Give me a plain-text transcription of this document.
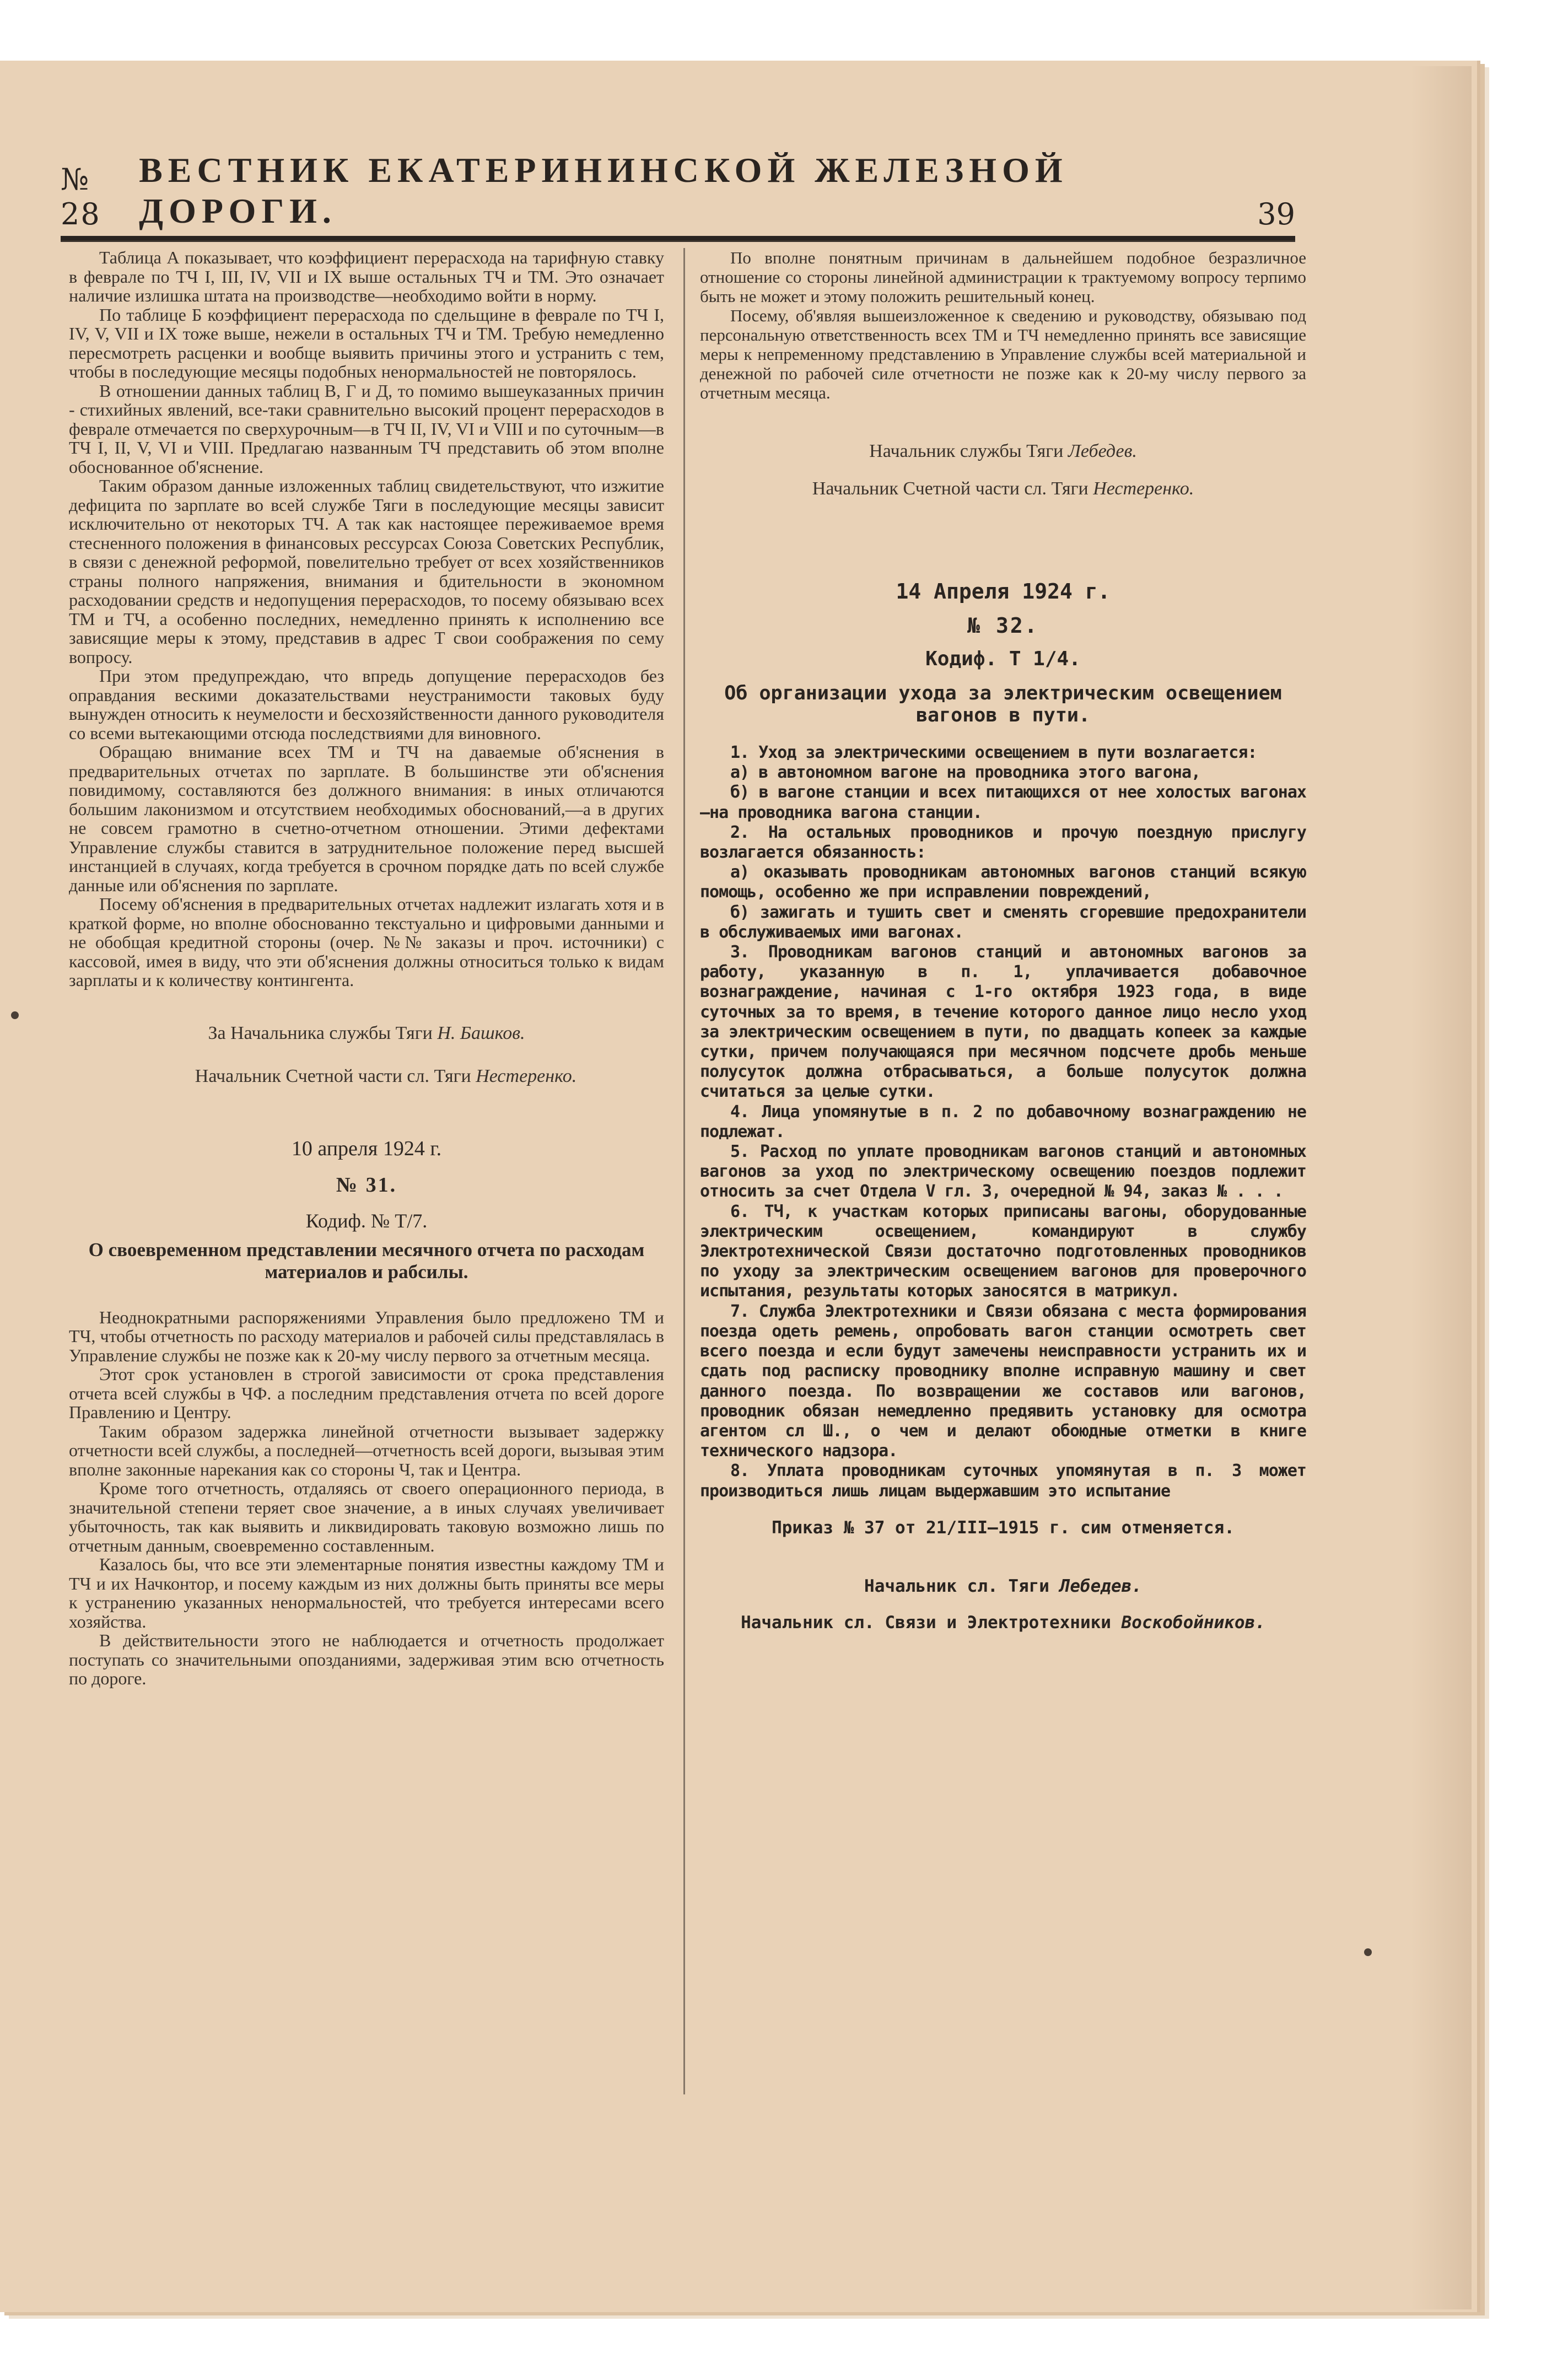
№ 28
ВЕСТНИК ЕКАТЕРИНИНСКОЙ ЖЕЛЕЗНОЙ ДОРОГИ.	39

Таблица А показывает, что коэффициент перерасхода на тарифную ставку в феврале по ТЧ I, III, IV, VII и IX выше остальных ТЧ и ТМ. Это означает наличие излишка штата на производстве—необходимо войти в норму.

По таблице Б коэффициент перерасхода по сдельщине в феврале по ТЧ I, IV, V, VII и IX тоже выше, нежели в остальных ТЧ и ТМ. Требую немедленно пересмотреть расценки и вообще выявить причины этого и устранить с тем, чтобы в последующие месяцы подобных ненормальностей не повторялось.

В отношении данных таблиц В, Г и Д, то помимо вышеуказанных причин - стихийных явлений, все-таки сравнительно высокий процент перерасходов в феврале отмечается по сверхурочным—в ТЧ II, IV, VI и VIII и по суточным—в ТЧ I, II, V, VI и VIII. Предлагаю назвaнным ТЧ представить об этом вполне обоснованное об'яснение.

Таким образом данные изложенных таблиц свидетельствуют, что изжитие дефицита по зарплате во всей службе Тяги в последующие месяцы зависит исключительно от некоторых ТЧ. А так как настоящее переживаемое время стесненного положения в финансовых рессурсах Союза Советских Республик, в связи с денежной реформой, повелительно требует от всех хозяйственников страны полного напряжения, внимания и бдительности в экономном расходовании средств и недопущения перерасходов, то посему обязываю всех ТМ и ТЧ, а особенно последних, немедленно принять к исполнению все зависящие меры к этому, представив в адрес Т свои соображения по сему вопросу.

При этом предупреждаю, что впредь допущение перерасходов без оправдания вескими доказательствами неустранимости таковых буду вынужден относить к неумелости и бесхозяйственности данного руководителя со всеми вытекающими отсюда последствиями для виновного.

Обращаю внимание всех ТМ и ТЧ на даваемые об'яснения в предварительных отчетах по зарплате. В большинстве эти об'яснения повидимому, составляются без должного внимания: в иных отличаются большим лаконизмом и отсутствием необходимых обоснований,—а в других не совсем грамотно в счетно-отчетном отношении. Этими дефектами Управление службы ставится в затруднительное положение перед высшей инстанцией в случаях, когда требуется в срочном порядке дать по всей службе данные или об'яснения по зарплате.

Посему об'яснения в предварительных отчетах надлежит излагать хотя и в краткой форме, но вполне обоснованно текстуально и цифровыми данными и не обобщая кредитной стороны (очер. №№ заказы и проч. источники) с кассовой, имея в виду, что эти об'яснения должны относиться только к видам зарплаты и к количеству контингента.

За Начальника службы Тяги Н. Башков.

Начальник Счетной части сл. Тяги Нестеренко.

10 апреля 1924 г.

№ 31.

Кодиф. № Т/7.

О своевременном представлении месячного отчета по расходам материалов и рабсилы.

Неоднократными распоряжениями Управления было предложено ТМ и ТЧ, чтобы отчетность по расходу материалов и рабочей силы представлялась в Управление службы не позже как к 20-му числу первого за отчетным месяца.

Этот срок установлен в строгой зависимости от срока представления отчета всей службы в ЧФ. а последним представления отчета по всей дороге Правлению и Центру.

Таким образом задержка линейной отчетности вызывает задержку отчетности всей службы, а последней—отчетность всей дороги, вызывая этим вполне законные нарекания как со стороны Ч, так и Центра.

Кроме того отчетность, отдаляясь от своего операционного периода, в значительной степени теряет свое значение, а в иных случаях увеличивает убыточность, так как выявить и ликвидировать таковую возможно лишь по отчетным данным, своевременно составленным.

Казалось бы, что все эти элементарные понятия известны каждому ТМ и ТЧ и их Начконтор, и посему каждым из них должны быть приняты все меры к устранению указанных ненормальностей, что требуется интересами всего хозяйства.

В действительности этого не наблюдается и отчетность продолжает поступать со значительными опозданиями, задерживая этим всю отчетность по дороге.

По вполне понятным причинам в дальнейшем подобное безразличное отношение со стороны линейной администрации к трактуемому вопросу терпимо быть не может и этому положить решительный конец.

Посему, об'являя вышеизложенное к сведению и руководству, обязываю под персональную ответственность всех ТМ и ТЧ немедленно принять все зависящие меры к непременному представлению в Управление службы всей материальной и денежной по рабочей силе отчетности не позже как к 20-му числу первого за отчетным месяца.

Начальник службы Тяги Лебедев.

Начальник Счетной части сл. Тяги Нестеренко.

14 Апреля 1924 г.

№ 32.

Кодиф. Т 1/4.

Об организации ухода за электрическим освещением вагонов в пути.

1. Уход за электрическими освещением в пути возлагается:

а) в автономном вагоне на проводника этого вагона,

б) в вагоне станции и всех питающихся от нее холостых вагонах—на проводника вагона станции.

2. На остальных проводников и прочую поездную прислугу возлагается обязанность:

а) оказывать проводникам автономных вагонов станций всякую помощь, особенно же при исправлении повреждений,

б) зажигать и тушить свет и сменять сгоревшие предохранители в обслуживаемых ими вагонах.

3. Проводникам вагонов станций и автономных вагонов за работу, указанную в п. 1, уплачивается добавочное вознаграждение, начиная с 1-го октября 1923 года, в виде суточных за то время, в течение которого данное лицо несло уход за электрическим освещением в пути, по двадцать копеек за каждые сутки, причем получающаяся при месячном подсчете дробь меньше полусуток должна отбрасываться, а больше полусуток должна считаться за целые сутки.

4. Лица упомянутые в п. 2 по добавочному вознаграждению не подлежат.

5. Расход по уплате проводникам вагонов станций и автономных вагонов за уход по электрическому освещению поездов подлежит относить за счет Отдела V гл. 3, очередной № 94, заказ № . . .

6. ТЧ, к участкам которых приписаны вагоны, оборудованные электрическим освещением, командируют в службу Электротехнической Связи достаточно подготовленных проводников по уходу за электрическим освещением вагонов для проверочного испытания, результаты которых заносятся в матрикул.

7. Служба Электротехники и Связи обязана с места формирования поезда одеть ремень, опробовать вагон станции осмотреть свет всего поезда и если будут замечены неисправности устранить их и сдать под расписку проводнику вполне исправную машину и свет данного поезда. По возвращении же составов или вагонов, проводник обязан немедленно предявить установку для осмотра агентом сл Ш., о чем и делают обоюдные отметки в книге технического надзора.

8. Уплата проводникам суточных упомянутая в п. 3 может производиться лишь лицам выдержавшим это испытание

Приказ № 37 от 21/III—1915 г. сим отменяется.

Начальник сл. Тяги Лебедев.

Начальник сл. Связи и Электротехники Воскобойников.
